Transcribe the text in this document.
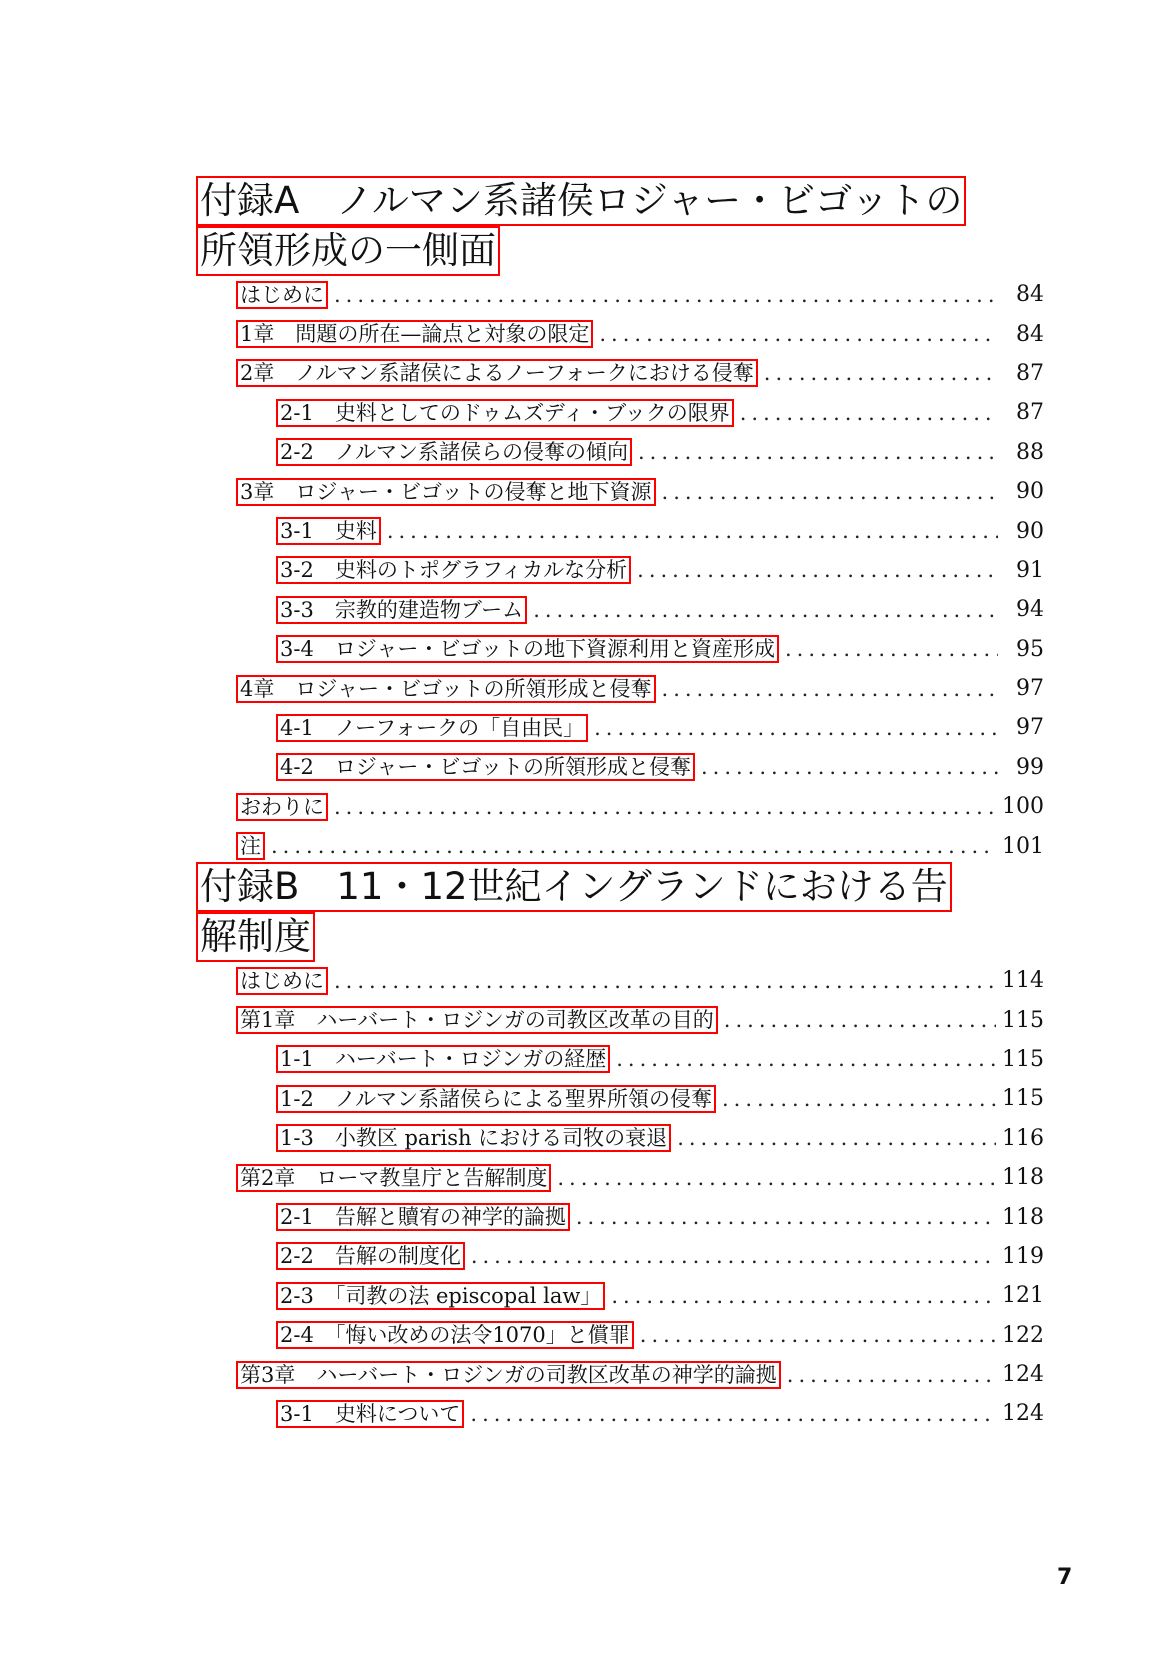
付録A　ノルマン系諸侯ロジャー・ビゴットの
所領形成の一側面
はじめに .....	84
1章　問題の所在—論点と対象の限定 .....	84
2章　ノルマン系諸侯によるノーフォークにおける侵奪 .....	87
2-1　史料としてのドゥムズディ・ブックの限界 .....	87
2-2　ノルマン系諸侯らの侵奪の傾向 .....	88
3章　ロジャー・ビゴットの侵奪と地下資源 .....	90
3-1　史料 .....	90
3-2　史料のトポグラフィカルな分析 .....	91
3-3　宗教的建造物ブーム .....	94
3-4　ロジャー・ビゴットの地下資源利用と資産形成 .....	95
4章　ロジャー・ビゴットの所領形成と侵奪 .....	97
4-1　ノーフォークの「自由民」 .....	97
4-2　ロジャー・ビゴットの所領形成と侵奪 .....	99
おわりに .....	100
注 .....	101
付録B　11・12世紀イングランドにおける告
解制度
はじめに .....	114
第1章　ハーバート・ロジンガの司教区改革の目的 .....	115
1-1　ハーバート・ロジンガの経歴 .....	115
1-2　ノルマン系諸侯らによる聖界所領の侵奪 .....	115
1-3　小教区 parish における司牧の衰退 .....	116
第2章　ローマ教皇庁と告解制度 .....	118
2-1　告解と贖宥の神学的論拠 .....	118
2-2　告解の制度化 .....	119
2-3　「司教の法 episcopal law」 .....	121
2-4　「悔い改めの法令1070」と償罪 .....	122
第3章　ハーバート・ロジンガの司教区改革の神学的論拠 .....	124
3-1　史料について .....	124
7
